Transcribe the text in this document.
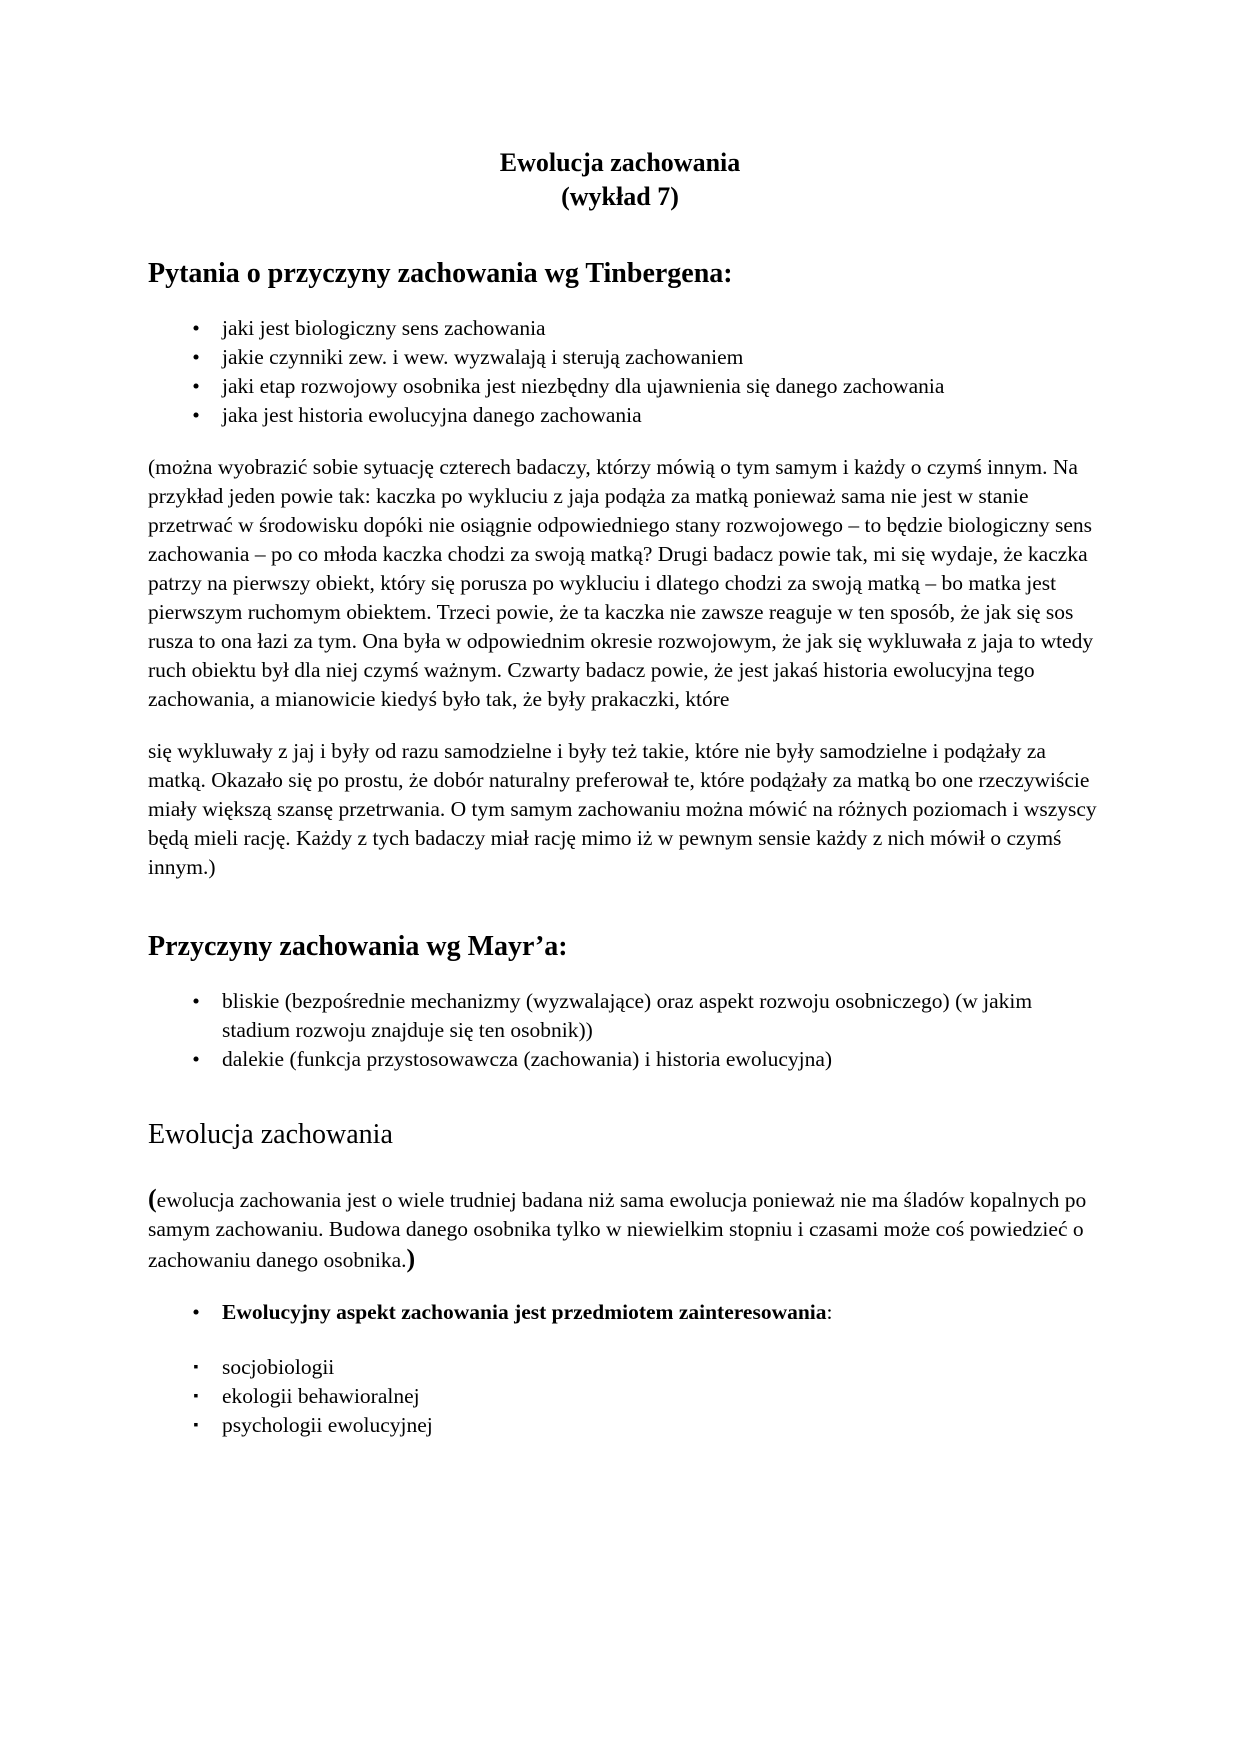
Ewolucja zachowania
(wykład 7)
Pytania o przyczyny zachowania wg Tinbergena:
• jaki jest biologiczny sens zachowania
• jakie czynniki zew. i wew. wyzwalają i sterują zachowaniem
• jaki etap rozwojowy osobnika jest niezbędny dla ujawnienia się danego zachowania
• jaka jest historia ewolucyjna danego zachowania

(można wyobrazić sobie sytuację czterech badaczy, którzy mówią o tym samym i każdy o czymś innym. Na przykład jeden powie tak: kaczka po wykluciu z jaja podąża za matką ponieważ sama nie jest w stanie przetrwać w środowisku dopóki nie osiągnie odpowiedniego stany rozwojowego – to będzie biologiczny sens zachowania – po co młoda kaczka chodzi za swoją matką? Drugi badacz powie tak, mi się wydaje, że kaczka patrzy na pierwszy obiekt, który się porusza po wykluciu i dlatego chodzi za swoją matką – bo matka jest pierwszym ruchomym obiektem. Trzeci powie, że ta kaczka nie zawsze reaguje w ten sposób, że jak się sos rusza to ona łazi za tym. Ona była w odpowiednim okresie rozwojowym, że jak się wykluwała z jaja to wtedy ruch obiektu był dla niej czymś ważnym. Czwarty badacz powie, że jest jakaś historia ewolucyjna tego zachowania, a mianowicie kiedyś było tak, że były prakaczki, które

się wykluwały z jaj i były od razu samodzielne i były też takie, które nie były samodzielne i podążały za matką. Okazało się po prostu, że dobór naturalny preferował te, które podążały za matką bo one rzeczywiście miały większą szansę przetrwania. O tym samym zachowaniu można mówić na różnych poziomach i wszyscy będą mieli rację. Każdy z tych badaczy miał rację mimo iż w pewnym sensie każdy z nich mówił o czymś innym.)

Przyczyny zachowania wg Mayr’a:
• bliskie (bezpośrednie mechanizmy (wyzwalające) oraz aspekt rozwoju osobniczego) (w jakim stadium rozwoju znajduje się ten osobnik))
• dalekie (funkcja przystosowawcza (zachowania) i historia ewolucyjna)
Ewolucja zachowania

(ewolucja zachowania jest o wiele trudniej badana niż sama ewolucja ponieważ nie ma śladów kopalnych po samym zachowaniu. Budowa danego osobnika tylko w niewielkim stopniu i czasami może coś powiedzieć o zachowaniu danego osobnika.)

• Ewolucyjny aspekt zachowania jest przedmiotem zainteresowania:
▪	socjobiologii
▪	ekologii behawioralnej
▪	psychologii ewolucyjnej
